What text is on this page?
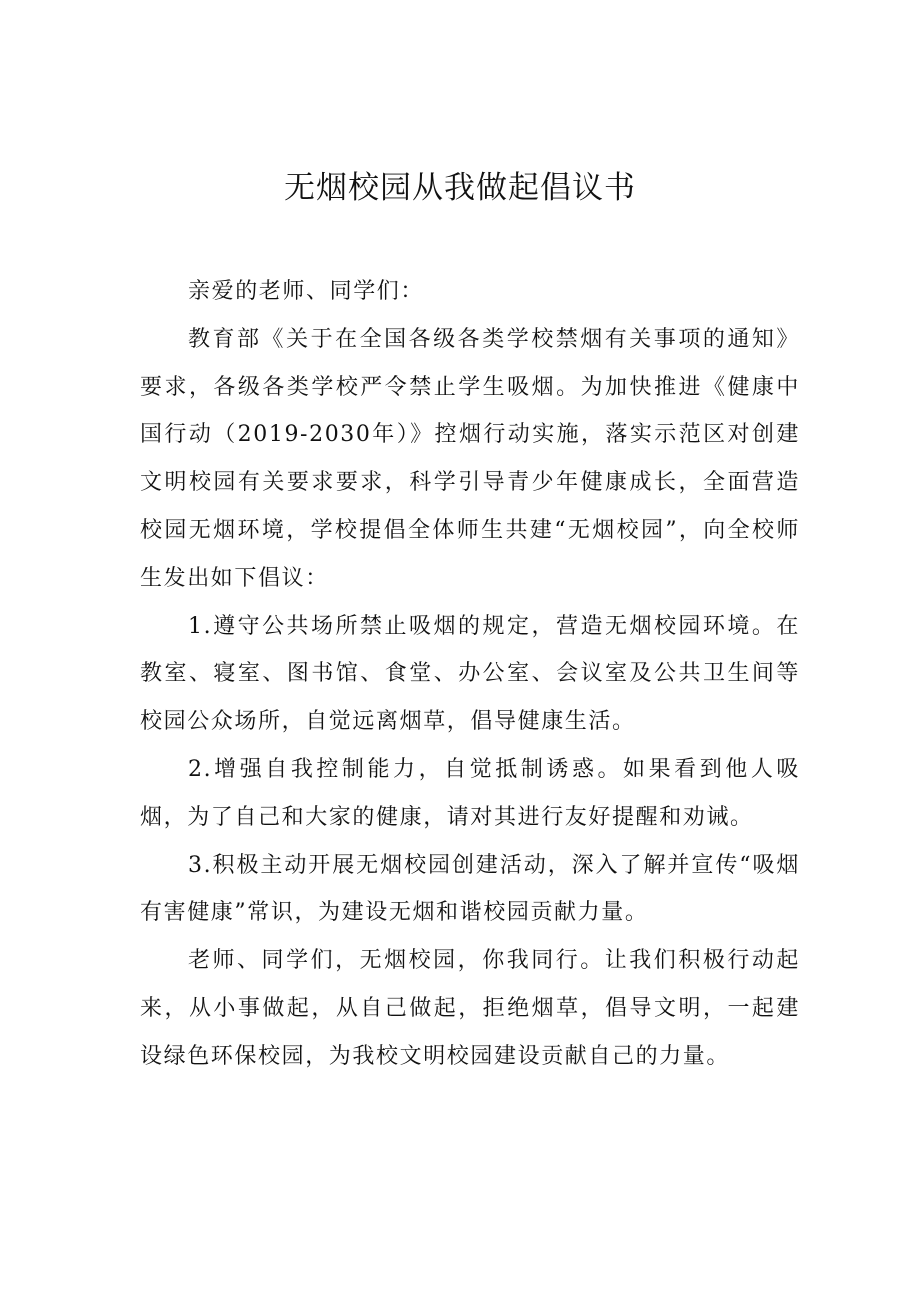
无烟校园从我做起倡议书

亲爱的老师、同学们：

教育部《关于在全国各级各类学校禁烟有关事项的通知》要求，各级各类学校严令禁止学生吸烟。为加快推进《健康中国行动（2019-2030年）》控烟行动实施，落实示范区对创建文明校园有关要求要求，科学引导青少年健康成长，全面营造校园无烟环境，学校提倡全体师生共建“无烟校园”，向全校师生发出如下倡议：

1.遵守公共场所禁止吸烟的规定，营造无烟校园环境。在教室、寝室、图书馆、食堂、办公室、会议室及公共卫生间等校园公众场所，自觉远离烟草，倡导健康生活。

2.增强自我控制能力，自觉抵制诱惑。如果看到他人吸烟，为了自己和大家的健康，请对其进行友好提醒和劝诫。

3.积极主动开展无烟校园创建活动，深入了解并宣传“吸烟有害健康”常识，为建设无烟和谐校园贡献力量。

老师、同学们，无烟校园，你我同行。让我们积极行动起来，从小事做起，从自己做起，拒绝烟草，倡导文明，一起建设绿色环保校园，为我校文明校园建设贡献自己的力量。
